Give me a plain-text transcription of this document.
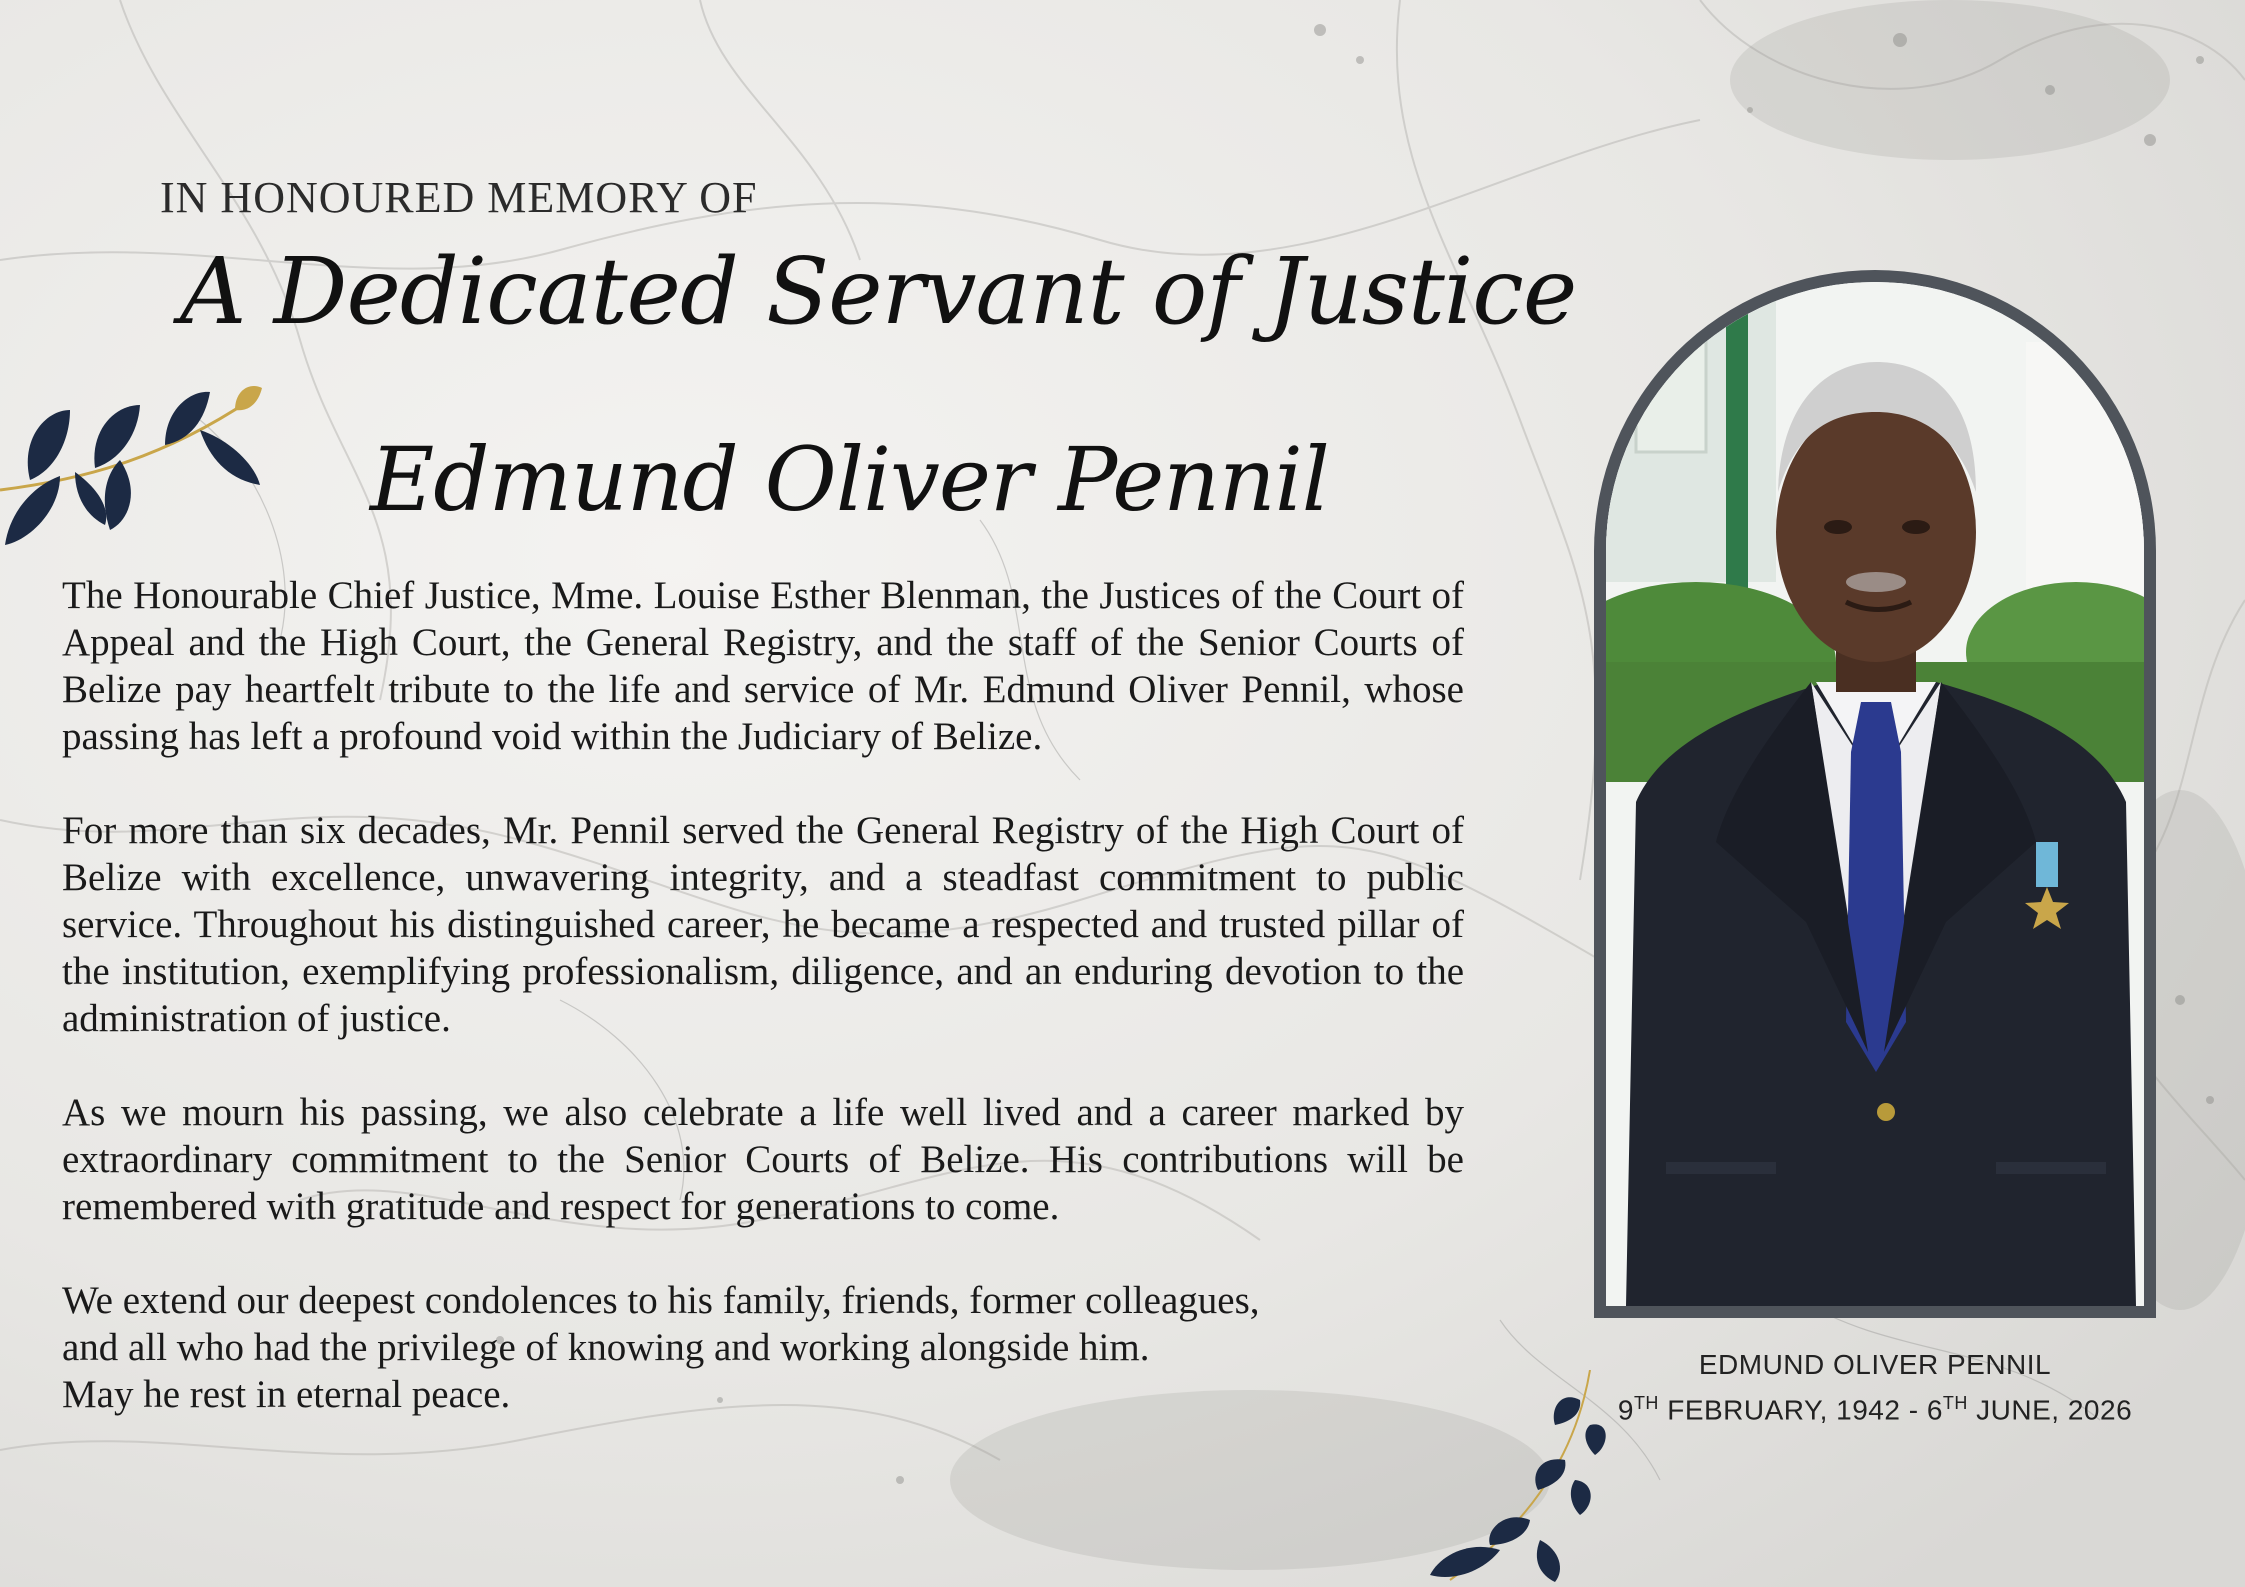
IN HONOURED MEMORY OF
A Dedicated Servant of Justice
Edmund Oliver Pennil

The Honourable Chief Justice, Mme. Louise Esther Blenman, the Justices of the Court of Appeal and the High Court, the General Registry, and the staff of the Senior Courts of Belize pay heartfelt tribute to the life and service of Mr. Edmund Oliver Pennil, whose passing has left a profound void within the Judiciary of Belize.

For more than six decades, Mr. Pennil served the General Registry of the High Court of Belize with excellence, unwavering integrity, and a steadfast commitment to public service. Throughout his distinguished career, he became a respected and trusted pillar of the institution, exemplifying professionalism, diligence, and an enduring devotion to the administration of justice.

As we mourn his passing, we also celebrate a life well lived and a career marked by extraordinary commitment to the Senior Courts of Belize. His contributions will be remembered with gratitude and respect for generations to come.

We extend our deepest condolences to his family, friends, former colleagues,
and all who had the privilege of knowing and working alongside him.
May he rest in eternal peace.

EDMUND OLIVER PENNIL
9TH FEBRUARY, 1942 - 6TH JUNE, 2026
